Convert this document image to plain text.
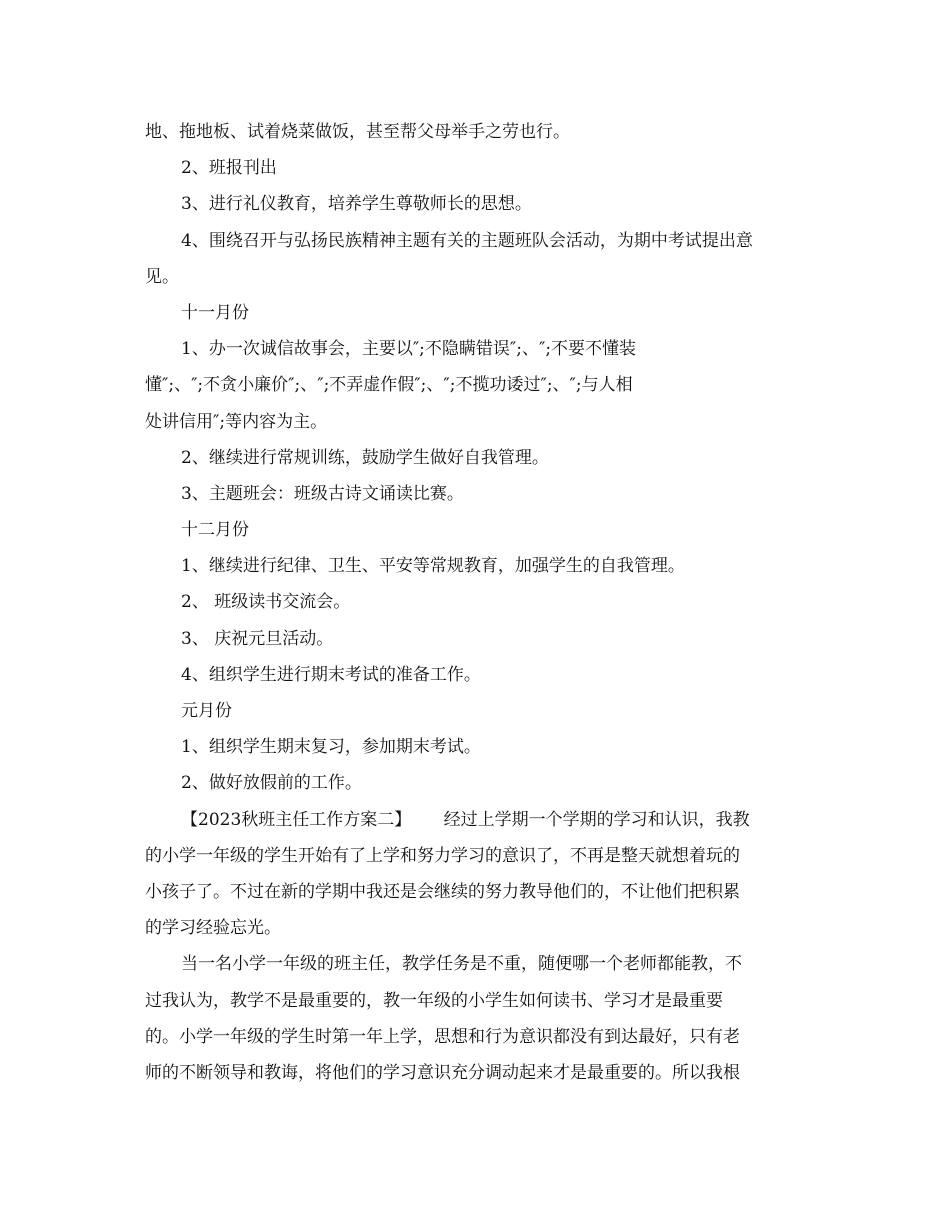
地、拖地板、试着烧菜做饭，甚至帮父母举手之劳也行。
2、班报刊出
3、进行礼仪教育，培养学生尊敬师长的思想。
4、围绕召开与弘扬民族精神主题有关的主题班队会活动，为期中考试提出意
见。
十一月份
1、办一次诚信故事会，主要以″;不隐瞒错误″;、″;不要不懂装
懂″;、″;不贪小廉价″;、″;不弄虚作假″;、″;不揽功诿过″;、″;与人相
处讲信用″;等内容为主。
2、继续进行常规训练，鼓励学生做好自我管理。
3、主题班会：班级古诗文诵读比赛。
十二月份
1、继续进行纪律、卫生、平安等常规教育，加强学生的自我管理。
2、 班级读书交流会。
3、 庆祝元旦活动。
4、组织学生进行期末考试的准备工作。
元月份
1、组织学生期末复习，参加期末考试。
2、做好放假前的工作。
【2023秋班主任工作方案二】      经过上学期一个学期的学习和认识，我教
的小学一年级的学生开始有了上学和努力学习的意识了，不再是整天就想着玩的
小孩子了。不过在新的学期中我还是会继续的努力教导他们的，不让他们把积累
的学习经验忘光。
当一名小学一年级的班主任，教学任务是不重，随便哪一个老师都能教，不
过我认为，教学不是最重要的，教一年级的小学生如何读书、学习才是最重要
的。小学一年级的学生时第一年上学，思想和行为意识都没有到达最好，只有老
师的不断领导和教诲，将他们的学习意识充分调动起来才是最重要的。所以我根
